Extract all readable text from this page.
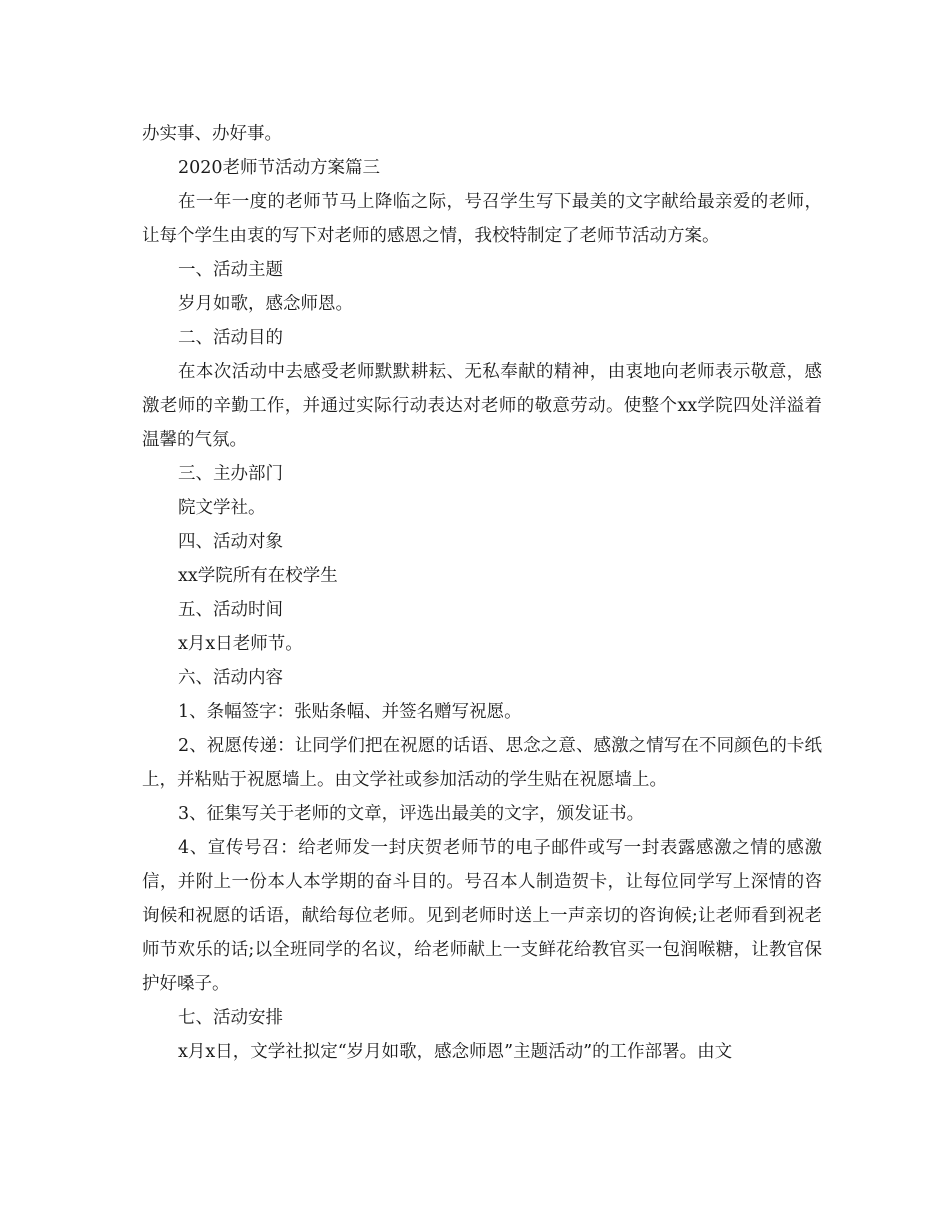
办实事、办好事。

2020老师节活动方案篇三

在一年一度的老师节马上降临之际，号召学生写下最美的文字献给最亲爱的老师，让每个学生由衷的写下对老师的感恩之情，我校特制定了老师节活动方案。

一、活动主题

岁月如歌，感念师恩。

二、活动目的

在本次活动中去感受老师默默耕耘、无私奉献的精神，由衷地向老师表示敬意，感激老师的辛勤工作，并通过实际行动表达对老师的敬意劳动。使整个xx学院四处洋溢着温馨的气氛。

三、主办部门

院文学社。

四、活动对象

xx学院所有在校学生

五、活动时间

x月x日老师节。

六、活动内容

1、条幅签字：张贴条幅、并签名赠写祝愿。

2、祝愿传递：让同学们把在祝愿的话语、思念之意、感激之情写在不同颜色的卡纸上，并粘贴于祝愿墙上。由文学社或参加活动的学生贴在祝愿墙上。

3、征集写关于老师的文章，评选出最美的文字，颁发证书。

4、宣传号召：给老师发一封庆贺老师节的电子邮件或写一封表露感激之情的感激信，并附上一份本人本学期的奋斗目的。号召本人制造贺卡，让每位同学写上深情的咨询候和祝愿的话语，献给每位老师。见到老师时送上一声亲切的咨询候;让老师看到祝老师节欢乐的话;以全班同学的名议，给老师献上一支鲜花给教官买一包润喉糖，让教官保护好嗓子。

七、活动安排

x月x日，文学社拟定“岁月如歌，感念师恩”主题活动”的工作部署。由文
